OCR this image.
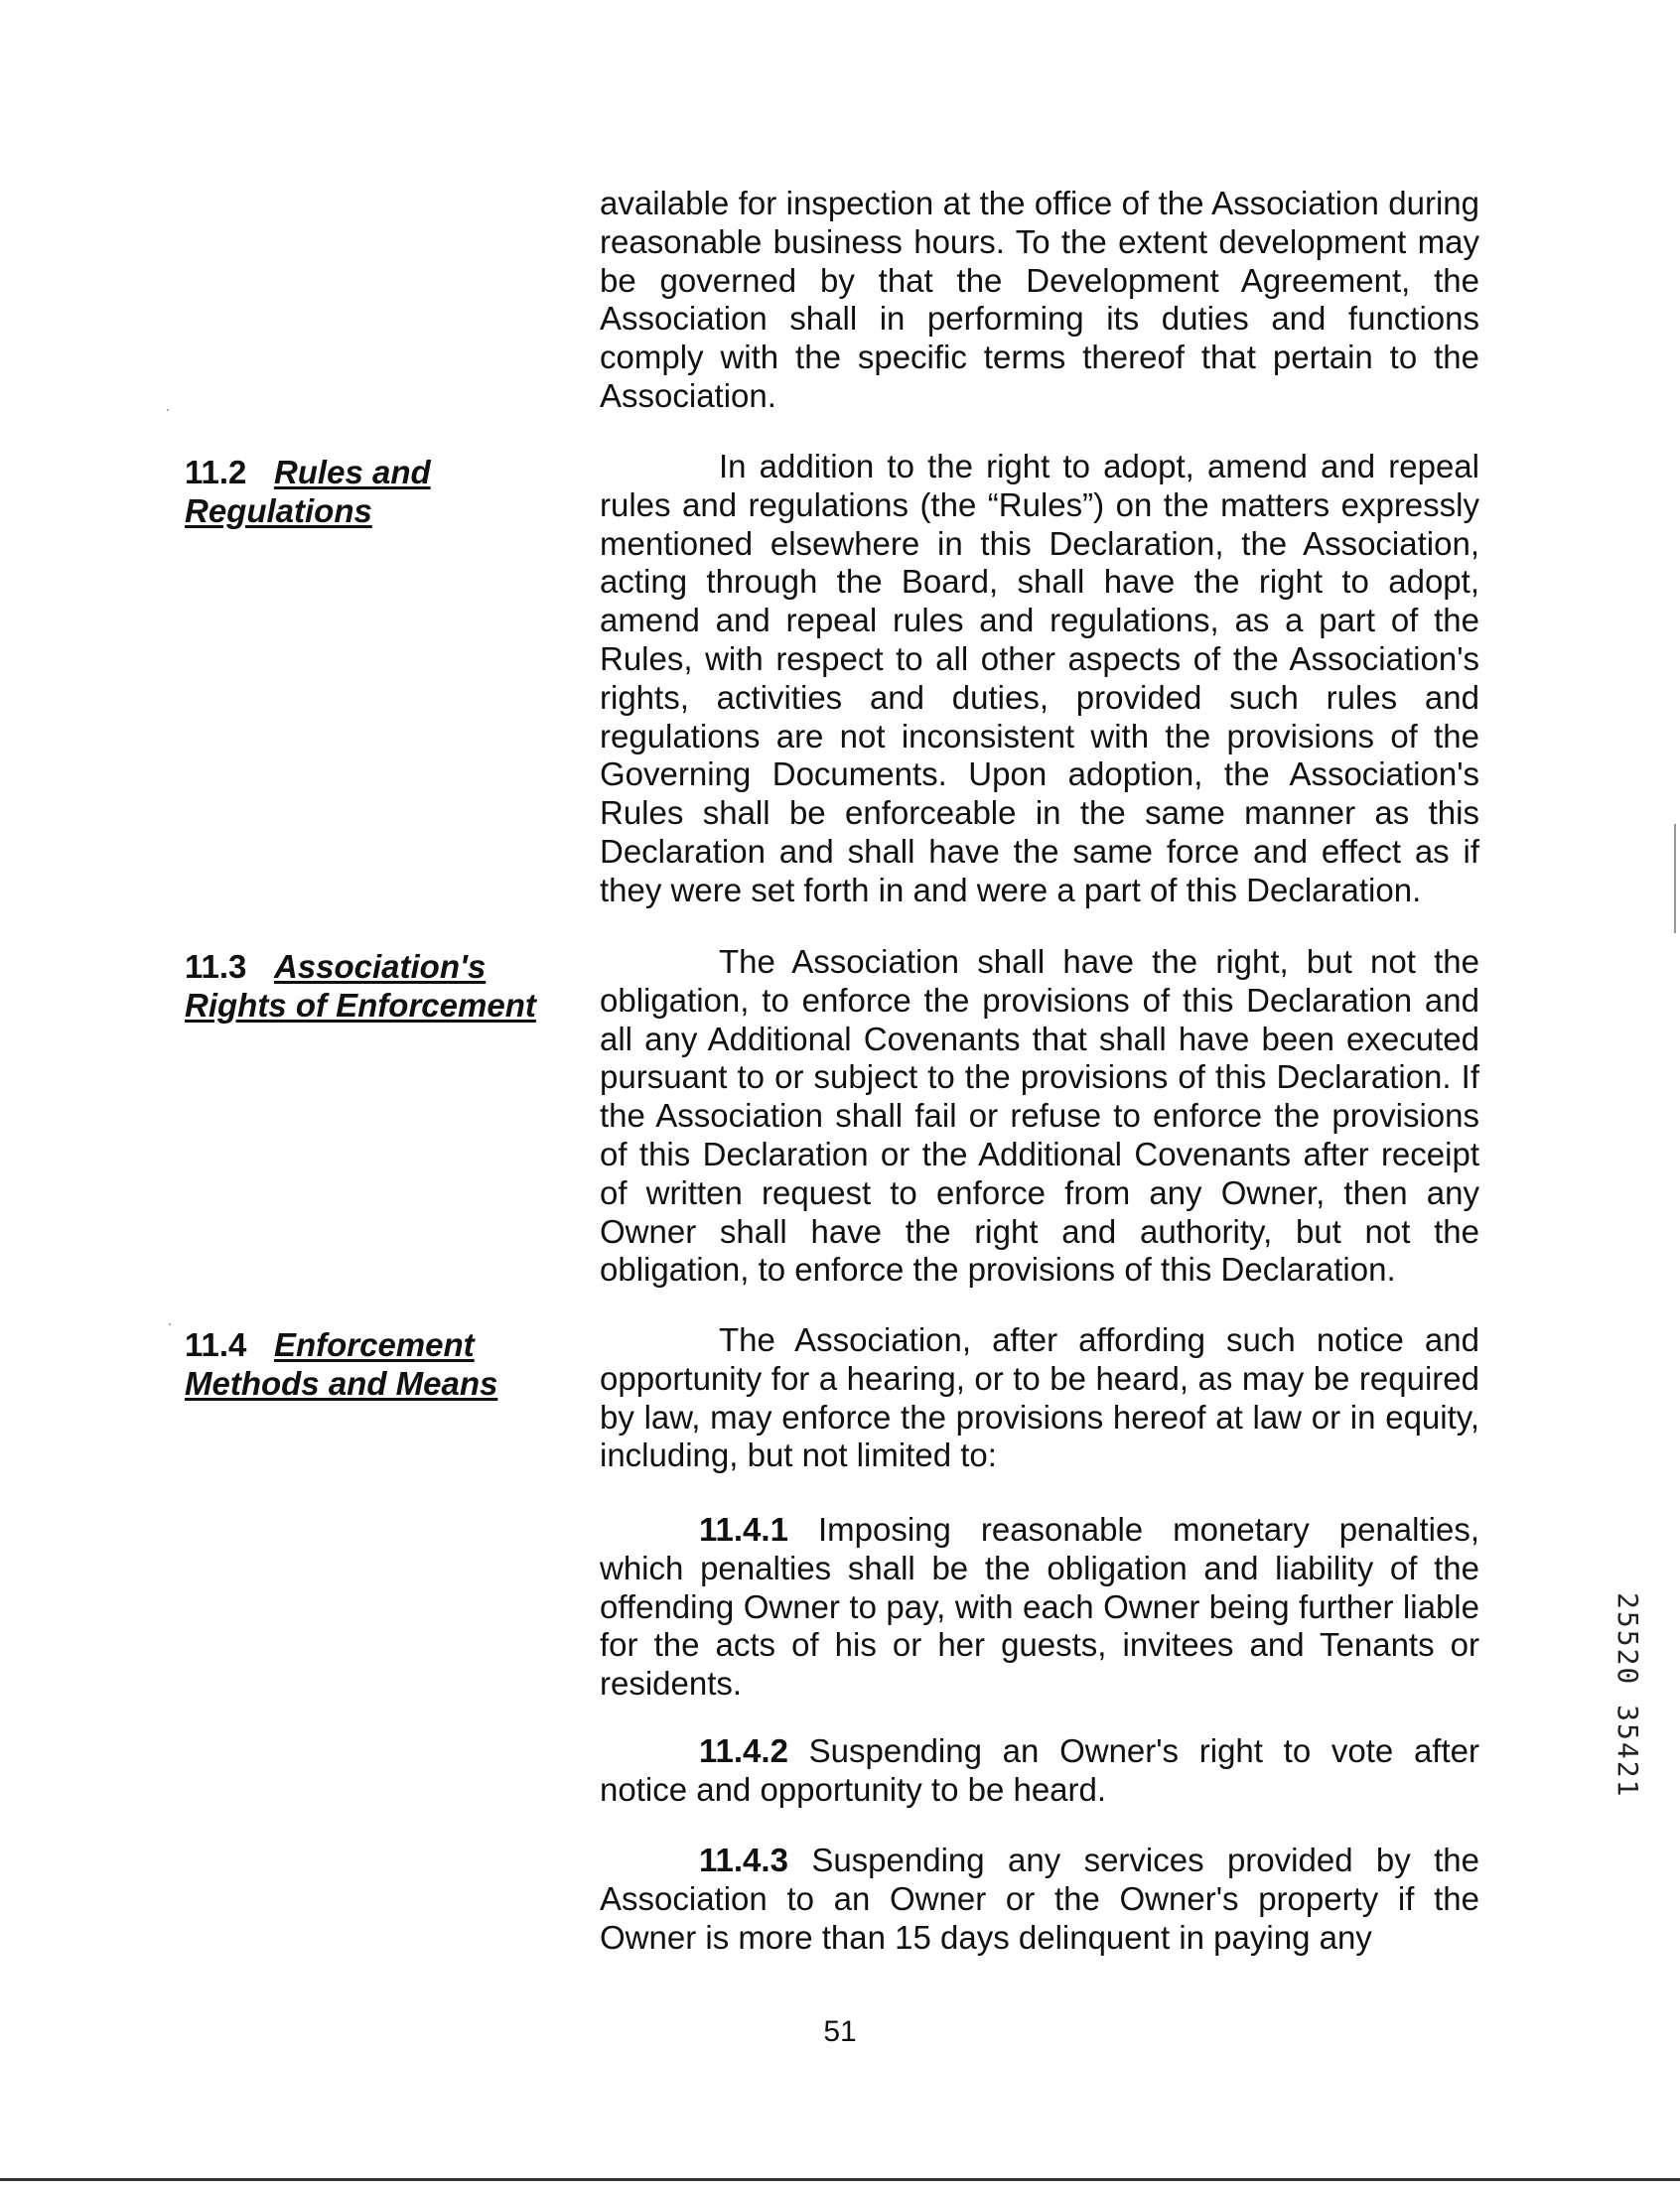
available for inspection at the office of the Association during reasonable business hours. To the extent development may be governed by that the Development Agreement, the Association shall in performing its duties and functions comply with the specific terms thereof that pertain to the Association.

11.2 Rules and Regulations

In addition to the right to adopt, amend and repeal rules and regulations (the “Rules”) on the matters expressly mentioned elsewhere in this Declaration, the Association, acting through the Board, shall have the right to adopt, amend and repeal rules and regulations, as a part of the Rules, with respect to all other aspects of the Association's rights, activities and duties, provided such rules and regulations are not inconsistent with the provisions of the Governing Documents. Upon adoption, the Association's Rules shall be enforceable in the same manner as this Declaration and shall have the same force and effect as if they were set forth in and were a part of this Declaration.

11.3 Association's Rights of Enforcement

The Association shall have the right, but not the obligation, to enforce the provisions of this Declaration and all any Additional Covenants that shall have been executed pursuant to or subject to the provisions of this Declaration. If the Association shall fail or refuse to enforce the provisions of this Declaration or the Additional Covenants after receipt of written request to enforce from any Owner, then any Owner shall have the right and authority, but not the obligation, to enforce the provisions of this Declaration.

11.4 Enforcement Methods and Means

The Association, after affording such notice and opportunity for a hearing, or to be heard, as may be required by law, may enforce the provisions hereof at law or in equity, including, but not limited to:

11.4.1 Imposing reasonable monetary penalties, which penalties shall be the obligation and liability of the offending Owner to pay, with each Owner being further liable for the acts of his or her guests, invitees and Tenants or residents.

11.4.2 Suspending an Owner's right to vote after notice and opportunity to be heard.

11.4.3 Suspending any services provided by the Association to an Owner or the Owner's property if the Owner is more than 15 days delinquent in paying any

51
25520 35421
